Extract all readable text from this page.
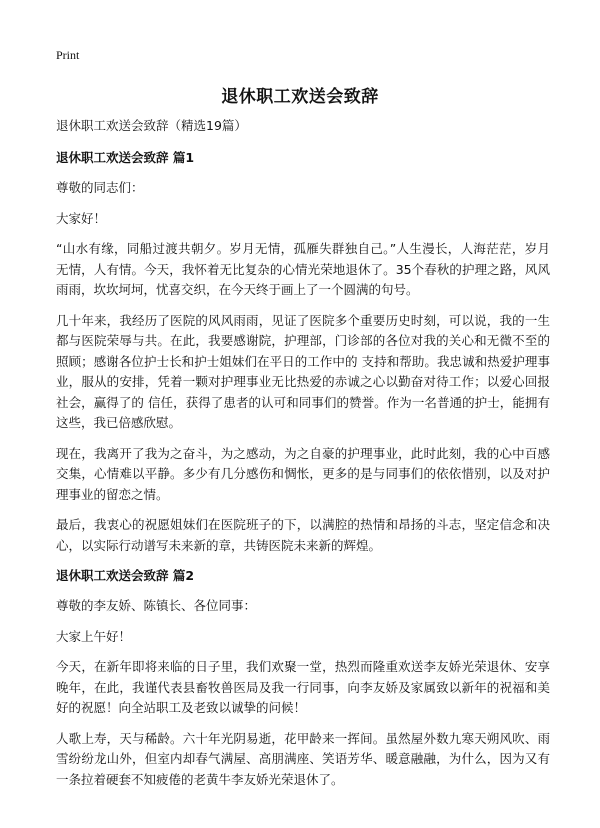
Print
退休职工欢送会致辞

退休职工欢送会致辞（精选19篇）

退休职工欢送会致辞 篇1

尊敬的同志们：

大家好！

“山水有缘，同船过渡共朝夕。岁月无情，孤雁失群独自己。”人生漫长，人海茫茫，岁月无情，人有情。今天，我怀着无比复杂的心情光荣地退休了。35个春秋的护理之路，风风雨雨，坎坎坷坷，忧喜交织，在今天终于画上了一个圆满的句号。

几十年来，我经历了医院的风风雨雨，见证了医院多个重要历史时刻，可以说，我的一生都与医院荣辱与共。在此，我要感谢院，护理部，门诊部的各位对我的关心和无微不至的照顾；感谢各位护士长和护士姐妹们在平日的工作中的 支持和帮助。我忠诚和热爱护理事业，服从的安排，凭着一颗对护理事业无比热爱的赤诚之心以勤奋对待工作；以爱心回报社会，赢得了的 信任，获得了患者的认可和同事们的赞誉。作为一名普通的护士，能拥有这些，我已倍感欣慰。

现在，我离开了我为之奋斗，为之感动，为之自豪的护理事业，此时此刻，我的心中百感交集，心情难以平静。多少有几分感伤和惆怅，更多的是与同事们的依依惜别，以及对护理事业的留恋之情。

最后，我衷心的祝愿姐妹们在医院班子的下，以满腔的热情和昂扬的斗志，坚定信念和决心，以实际行动谱写未来新的章，共铸医院未来新的辉煌。

退休职工欢送会致辞 篇2

尊敬的李友娇、陈镇长、各位同事：

大家上午好！

今天，在新年即将来临的日子里，我们欢聚一堂，热烈而隆重欢送李友娇光荣退休、安享晚年，在此，我谨代表县畜牧兽医局及我一行同事，向李友娇及家属致以新年的祝福和美好的祝愿！向全站职工及老致以诚挚的问候！

人歌上寿，天与稀龄。六十年光阴易逝，花甲龄来一挥间。虽然屋外数九寒天朔风吹、雨雪纷纷龙山外，但室内却春气满屋、高朋满座、笑语芳华、暖意融融，为什么，因为又有一条拉着硬套不知疲倦的老黄牛李友娇光荣退休了。
